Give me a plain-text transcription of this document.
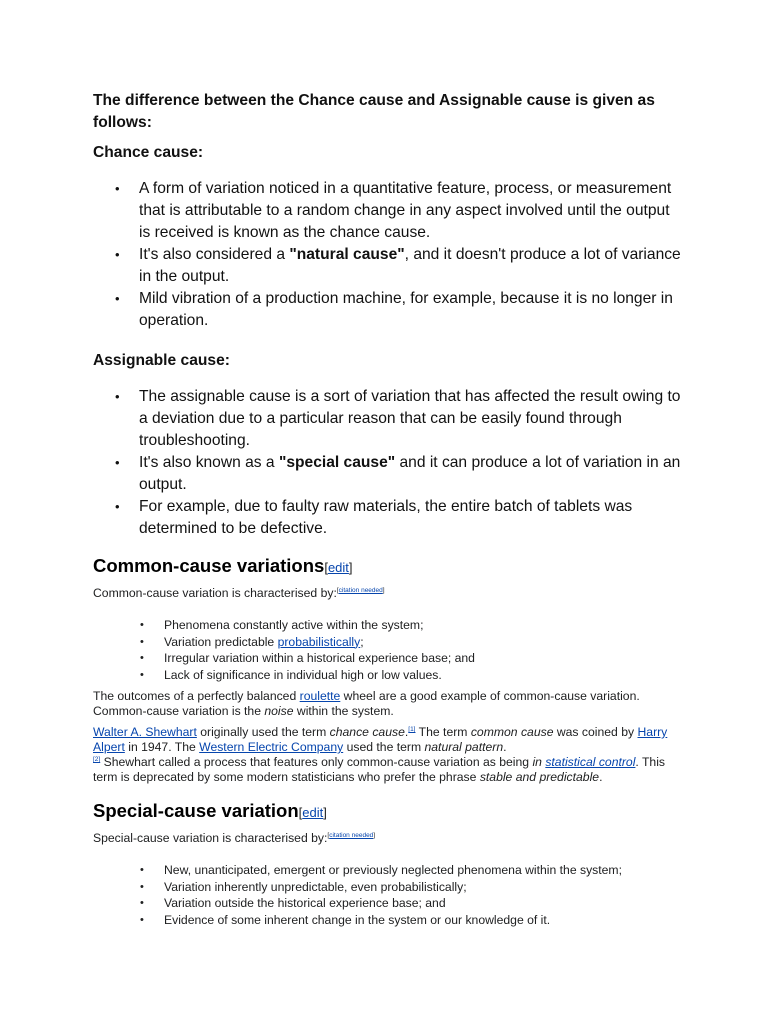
The difference between the Chance cause and Assignable cause is given as follows:

Chance cause:

• A form of variation noticed in a quantitative feature, process, or measurement that is attributable to a random change in any aspect involved until the output is received is known as the chance cause.
• It's also considered a "natural cause", and it doesn't produce a lot of variance in the output.
• Mild vibration of a production machine, for example, because it is no longer in operation.

Assignable cause:

• The assignable cause is a sort of variation that has affected the result owing to a deviation due to a particular reason that can be easily found through troubleshooting.
• It's also known as a "special cause" and it can produce a lot of variation in an output.
• For example, due to faulty raw materials, the entire batch of tablets was determined to be defective.
Common-cause variations[edit]

Common-cause variation is characterised by:[citation needed]

• Phenomena constantly active within the system;
• Variation predictable probabilistically;
• Irregular variation within a historical experience base; and
• Lack of significance in individual high or low values.

The outcomes of a perfectly balanced roulette wheel are a good example of common-cause variation. Common-cause variation is the noise within the system.

Walter A. Shewhart originally used the term chance cause.[1] The term common cause was coined by Harry Alpert in 1947. The Western Electric Company used the term natural pattern.
[2] Shewhart called a process that features only common-cause variation as being in statistical control. This term is deprecated by some modern statisticians who prefer the phrase stable and predictable.

Special-cause variation[edit]

Special-cause variation is characterised by:[citation needed]

• New, unanticipated, emergent or previously neglected phenomena within the system;
• Variation inherently unpredictable, even probabilistically;
• Variation outside the historical experience base; and
• Evidence of some inherent change in the system or our knowledge of it.
